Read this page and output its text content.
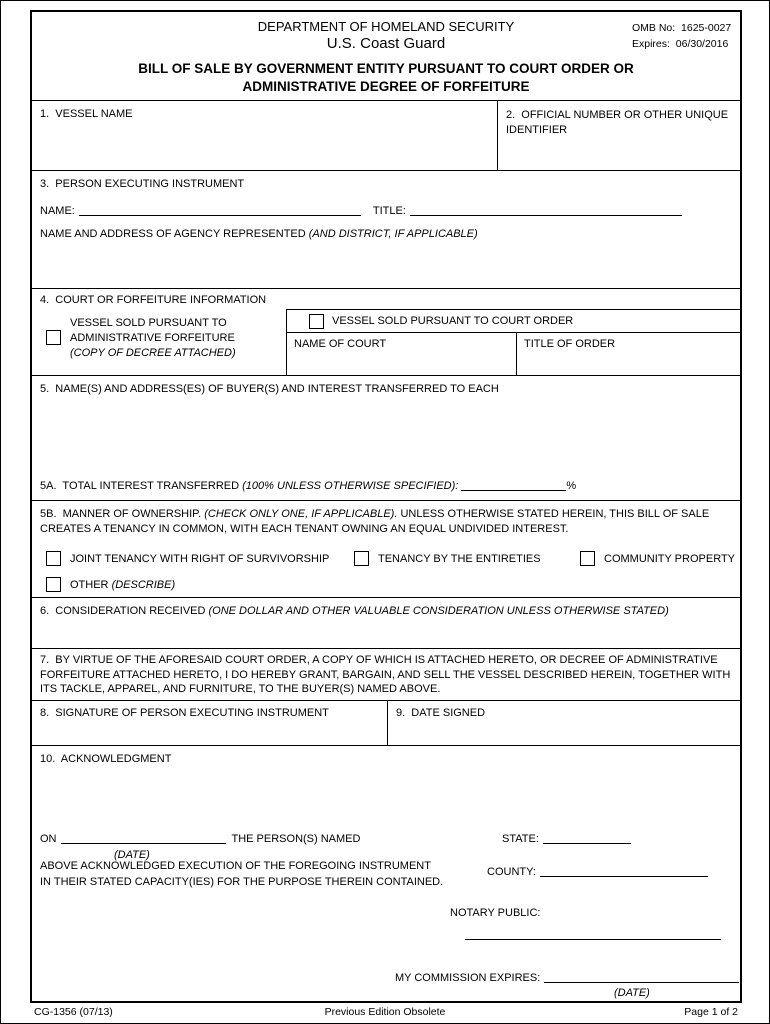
DEPARTMENT OF HOMELAND SECURITY
U.S. Coast Guard
BILL OF SALE BY GOVERNMENT ENTITY PURSUANT TO COURT ORDER OR
ADMINISTRATIVE DEGREE OF FORFEITURE
OMB No:  1625-0027
Expires:  06/30/2016
1.  VESSEL NAME	2.  OFFICIAL NUMBER OR OTHER UNIQUE IDENTIFIER
3.  PERSON EXECUTING INSTRUMENT
NAME:	TITLE:
NAME AND ADDRESS OF AGENCY REPRESENTED (AND DISTRICT, IF APPLICABLE)
4.  COURT OR FORFEITURE INFORMATION
VESSEL SOLD PURSUANT TO
ADMINISTRATIVE FORFEITURE
(COPY OF DECREE ATTACHED)
VESSEL SOLD PURSUANT TO COURT ORDER
NAME OF COURT	TITLE OF ORDER
5.  NAME(S) AND ADDRESS(ES) OF BUYER(S) AND INTEREST TRANSFERRED TO EACH
5A.  TOTAL INTEREST TRANSFERRED (100% UNLESS OTHERWISE SPECIFIED):	%
5B.  MANNER OF OWNERSHIP. (CHECK ONLY ONE, IF APPLICABLE). UNLESS OTHERWISE STATED HEREIN, THIS BILL OF SALE CREATES A TENANCY IN COMMON, WITH EACH TENANT OWNING AN EQUAL UNDIVIDED INTEREST.
JOINT TENANCY WITH RIGHT OF SURVIVORSHIP	TENANCY BY THE ENTIRETIES	COMMUNITY PROPERTY
OTHER (DESCRIBE)
6.  CONSIDERATION RECEIVED (ONE DOLLAR AND OTHER VALUABLE CONSIDERATION UNLESS OTHERWISE STATED)
7.  BY VIRTUE OF THE AFORESAID COURT ORDER, A COPY OF WHICH IS ATTACHED HERETO, OR DECREE OF ADMINISTRATIVE FORFEITURE ATTACHED HERETO, I DO HEREBY GRANT, BARGAIN, AND SELL THE VESSEL DESCRIBED HEREIN, TOGETHER WITH ITS TACKLE, APPAREL, AND FURNITURE, TO THE BUYER(S) NAMED ABOVE.
8.  SIGNATURE OF PERSON EXECUTING INSTRUMENT	9.  DATE SIGNED
10.  ACKNOWLEDGMENT
ON	THE PERSON(S) NAMED
(DATE)
STATE:
ABOVE ACKNOWLEDGED EXECUTION OF THE FOREGOING INSTRUMENT	COUNTY:
IN THEIR STATED CAPACITY(IES) FOR THE PURPOSE THEREIN CONTAINED.
NOTARY PUBLIC:
MY COMMISSION EXPIRES:
(DATE)
Previous Edition Obsolete
CG-1356 (07/13)	Page 1 of 2
